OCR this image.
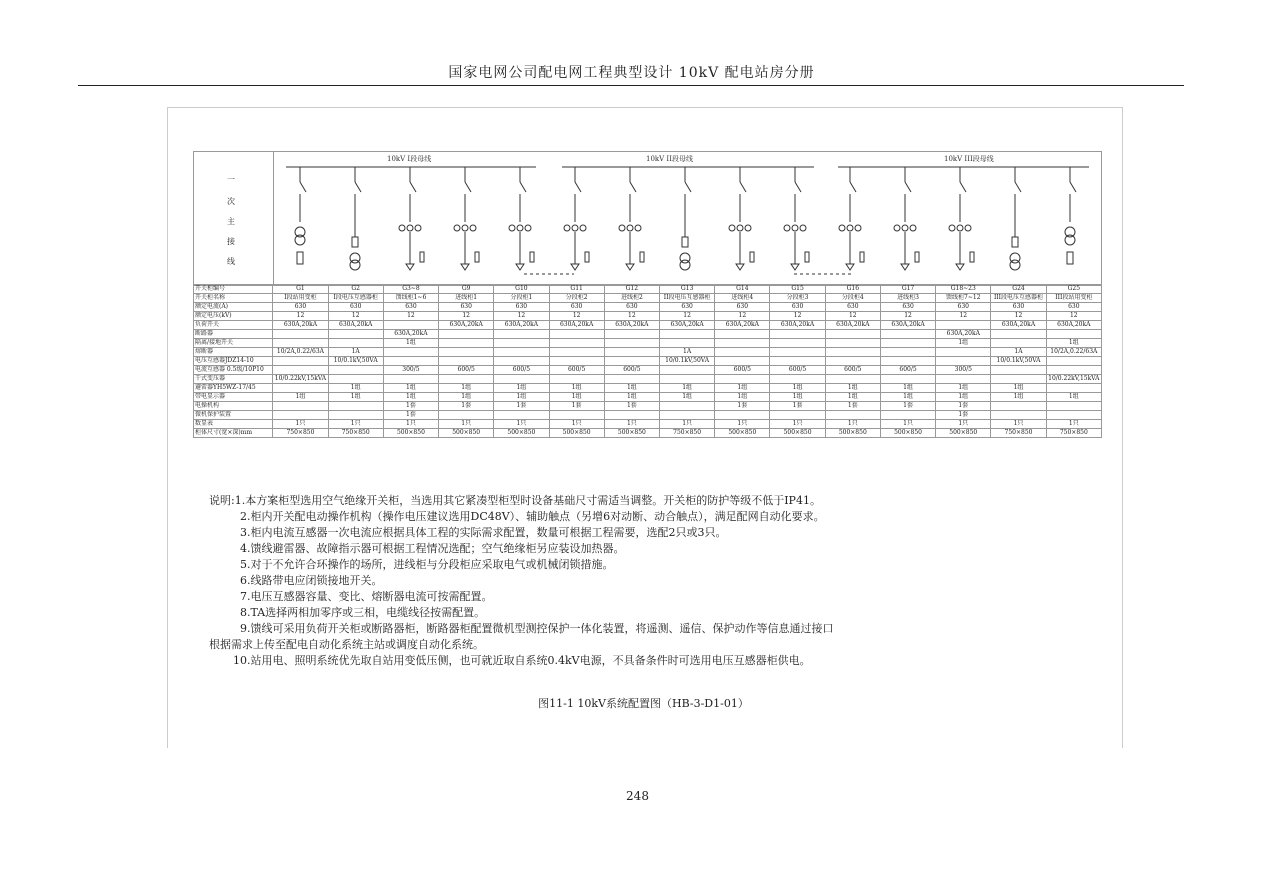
国家电网公司配电网工程典型设计 10kV 配电站房分册
一
次
主
接
线
10kV I段母线	10kV II段母线	10kV III段母线
开关柜编号	G1	G2	G3~8	G9	G10	G11	G12	G13	G14	G15	G16	G17	G18~23	G24	G25
开关柜名称	I段站用变柜	I段电压互感器柜	馈线柜1~6	进线柜1	分段柜1	分段柜2	进线柜2	II段电压互感器柜	进线柜4	分段柜3	分段柜4	进线柜3	馈线柜7~12	III段电压互感器柜	III段站用变柜
额定电流(A)	630	630	630	630	630	630	630	630	630	630	630	630	630	630	630
额定电压(kV)	12	12	12	12	12	12	12	12	12	12	12	12	12	12	12
负荷开关	630A,20kA	630A,20kA		630A,20kA	630A,20kA	630A,20kA	630A,20kA	630A,20kA	630A,20kA	630A,20kA	630A,20kA	630A,20kA		630A,20kA	630A,20kA
断路器			630A,20kA										630A,20kA		
隔离/接地开关			1组										1组		1组
熔断器	10/2A,0.22/63A	1A						1A						1A	10/2A,0.22/63A
电压互感器JDZ14-10		10/0.1kV,50VA						10/0.1kV,50VA						10/0.1kV,50VA	
电流互感器 0.5级/10P10			300/5	600/5	600/5	600/5	600/5		600/5	600/5	600/5	600/5	300/5		
干式变压器	10/0.22kV,15kVA														10/0.22kV,15kVA
避雷器YH5WZ-17/45		1组	1组	1组	1组	1组	1组	1组	1组	1组	1组	1组	1组	1组	
带电显示器	1组	1组	1组	1组	1组	1组	1组	1组	1组	1组	1组	1组	1组	1组	1组
电操机构			1套	1套	1套	1套	1套		1套	1套	1套	1套	1套		
微机保护装置			1套										1套		
数显表	1只	1只	1只	1只	1只	1只	1只	1只	1只	1只	1只	1只	1只	1只	1只
柜体尺寸(宽×深)mm	750×850	750×850	500×850	500×850	500×850	500×850	500×850	750×850	500×850	500×850	500×850	500×850	500×850	750×850	750×850
说明:1.本方案柜型选用空气绝缘开关柜，当选用其它紧凑型柜型时设备基础尺寸需适当调整。开关柜的防护等级不低于IP41。
2.柜内开关配电动操作机构（操作电压建议选用DC48V）、辅助触点（另增6对动断、动合触点），满足配网自动化要求。
3.柜内电流互感器一次电流应根据具体工程的实际需求配置，数量可根据工程需要，选配2只或3只。
4.馈线避雷器、故障指示器可根据工程情况选配；空气绝缘柜另应装设加热器。
5.对于不允许合环操作的场所，进线柜与分段柜应采取电气或机械闭锁措施。
6.线路带电应闭锁接地开关。
7.电压互感器容量、变比、熔断器电流可按需配置。
8.TA选择两相加零序或三相，电缆线径按需配置。
9.馈线可采用负荷开关柜或断路器柜，断路器柜配置微机型测控保护一体化装置，将遥测、遥信、保护动作等信息通过接口
根据需求上传至配电自动化系统主站或调度自动化系统。
10.站用电、照明系统优先取自站用变低压侧，也可就近取自系统0.4kV电源，不具备条件时可选用电压互感器柜供电。
图11-1 10kV系统配置图（HB-3-D1-01）
248
